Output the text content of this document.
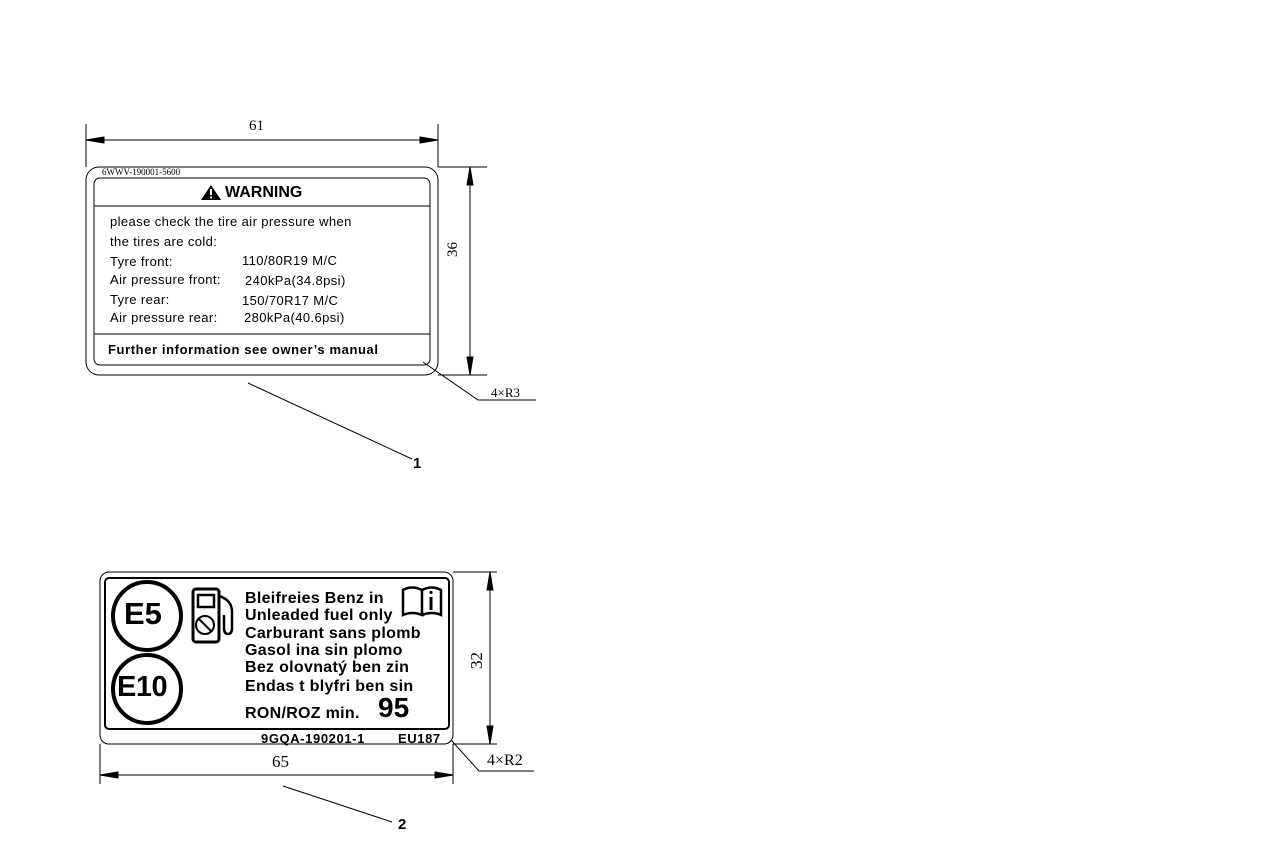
6WWV-190001-5600
WARNING
please check the tire air pressure when
the tires are cold:
Tyre front:	110/80R19 M/C
Air pressure front: 240kPa(34.8psi)
Tyre rear:	150/70R17 M/C
Air pressure rear: 280kPa(40.6psi)
Further information see owner’s manual
61
36
4×R3
1
E5
E10
Bleifreies Benz in
Unleaded fuel only
Carburant sans plomb
Gasol ina sin plomo
Bez olovnatý ben zin
Endas t blyfri ben sin
RON/ROZ min. 95
9GQA-190201-1	EU187
65
32
4×R2
2
